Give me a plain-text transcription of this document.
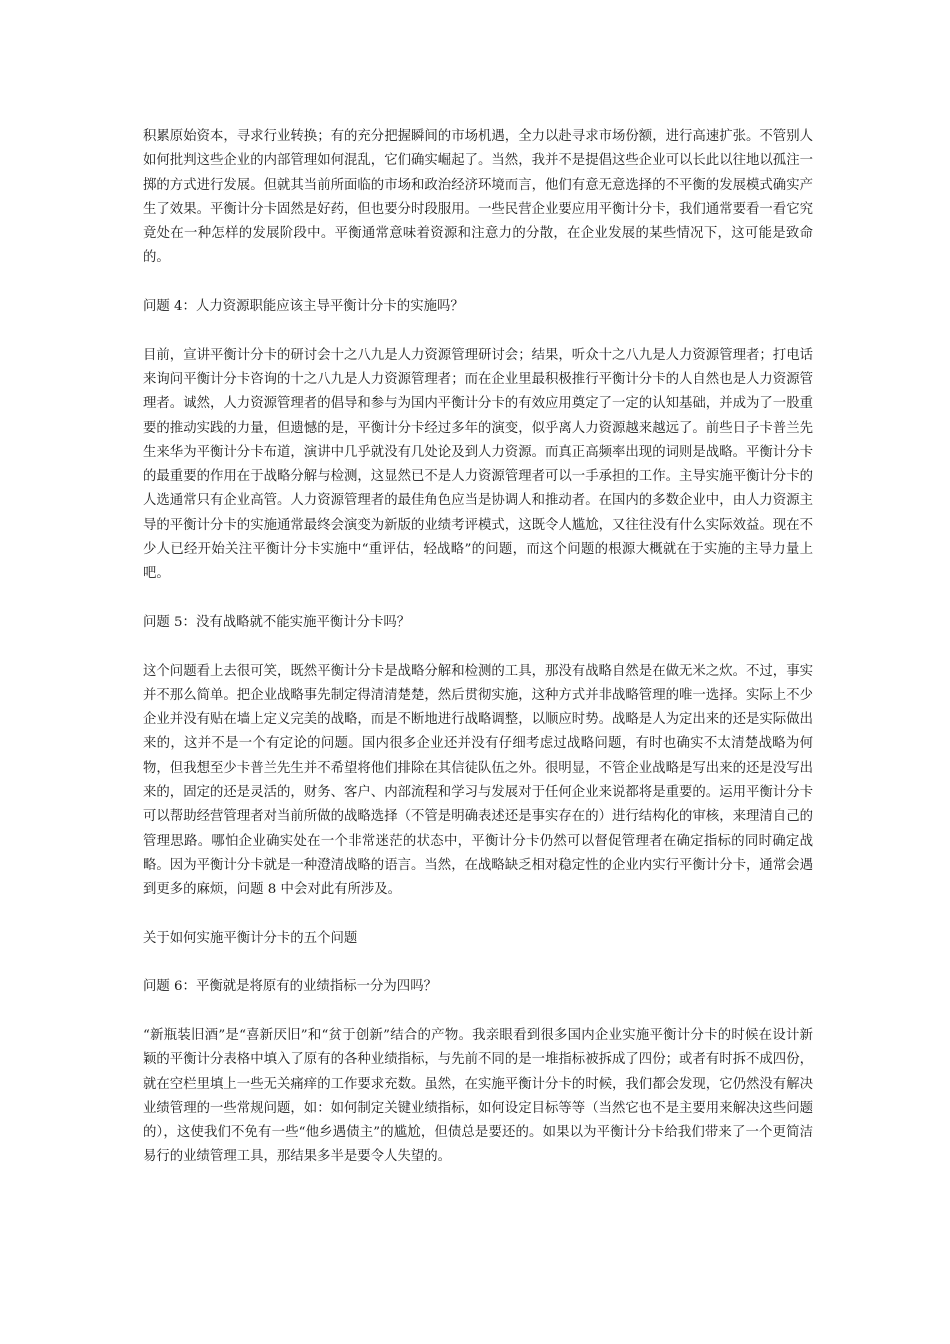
积累原始资本，寻求行业转换；有的充分把握瞬间的市场机遇，全力以赴寻求市场份额，进行高速扩张。不管别人如何批判这些企业的内部管理如何混乱，它们确实崛起了。当然，我并不是提倡这些企业可以长此以往地以孤注一掷的方式进行发展。但就其当前所面临的市场和政治经济环境而言，他们有意无意选择的不平衡的发展模式确实产生了效果。平衡计分卡固然是好药，但也要分时段服用。一些民营企业要应用平衡计分卡，我们通常要看一看它究竟处在一种怎样的发展阶段中。平衡通常意味着资源和注意力的分散，在企业发展的某些情况下，这可能是致命的。

问题 4：人力资源职能应该主导平衡计分卡的实施吗？

目前，宣讲平衡计分卡的研讨会十之八九是人力资源管理研讨会；结果，听众十之八九是人力资源管理者；打电话来询问平衡计分卡咨询的十之八九是人力资源管理者；而在企业里最积极推行平衡计分卡的人自然也是人力资源管理者。诚然，人力资源管理者的倡导和参与为国内平衡计分卡的有效应用奠定了一定的认知基础，并成为了一股重要的推动实践的力量，但遗憾的是，平衡计分卡经过多年的演变，似乎离人力资源越来越远了。前些日子卡普兰先生来华为平衡计分卡布道，演讲中几乎就没有几处论及到人力资源。而真正高频率出现的词则是战略。平衡计分卡的最重要的作用在于战略分解与检测，这显然已不是人力资源管理者可以一手承担的工作。主导实施平衡计分卡的人选通常只有企业高管。人力资源管理者的最佳角色应当是协调人和推动者。在国内的多数企业中，由人力资源主导的平衡计分卡的实施通常最终会演变为新版的业绩考评模式，这既令人尴尬，又往往没有什么实际效益。现在不少人已经开始关注平衡计分卡实施中“重评估，轻战略”的问题，而这个问题的根源大概就在于实施的主导力量上吧。

问题 5：没有战略就不能实施平衡计分卡吗？

这个问题看上去很可笑，既然平衡计分卡是战略分解和检测的工具，那没有战略自然是在做无米之炊。不过，事实并不那么简单。把企业战略事先制定得清清楚楚，然后贯彻实施，这种方式并非战略管理的唯一选择。实际上不少企业并没有贴在墙上定义完美的战略，而是不断地进行战略调整，以顺应时势。战略是人为定出来的还是实际做出来的，这并不是一个有定论的问题。国内很多企业还并没有仔细考虑过战略问题，有时也确实不太清楚战略为何物，但我想至少卡普兰先生并不希望将他们排除在其信徒队伍之外。很明显，不管企业战略是写出来的还是没写出来的，固定的还是灵活的，财务、客户、内部流程和学习与发展对于任何企业来说都将是重要的。运用平衡计分卡可以帮助经营管理者对当前所做的战略选择（不管是明确表述还是事实存在的）进行结构化的审核，来理清自己的管理思路。哪怕企业确实处在一个非常迷茫的状态中，平衡计分卡仍然可以督促管理者在确定指标的同时确定战略。因为平衡计分卡就是一种澄清战略的语言。当然，在战略缺乏相对稳定性的企业内实行平衡计分卡，通常会遇到更多的麻烦，问题 8 中会对此有所涉及。

关于如何实施平衡计分卡的五个问题

问题 6：平衡就是将原有的业绩指标一分为四吗？

“新瓶装旧酒”是“喜新厌旧”和“贫于创新”结合的产物。我亲眼看到很多国内企业实施平衡计分卡的时候在设计新颖的平衡计分表格中填入了原有的各种业绩指标，与先前不同的是一堆指标被拆成了四份；或者有时拆不成四份，就在空栏里填上一些无关痛痒的工作要求充数。虽然，在实施平衡计分卡的时候，我们都会发现，它仍然没有解决业绩管理的一些常规问题，如：如何制定关键业绩指标，如何设定目标等等（当然它也不是主要用来解决这些问题的），这使我们不免有一些“他乡遇债主”的尴尬，但债总是要还的。如果以为平衡计分卡给我们带来了一个更简洁易行的业绩管理工具，那结果多半是要令人失望的。
